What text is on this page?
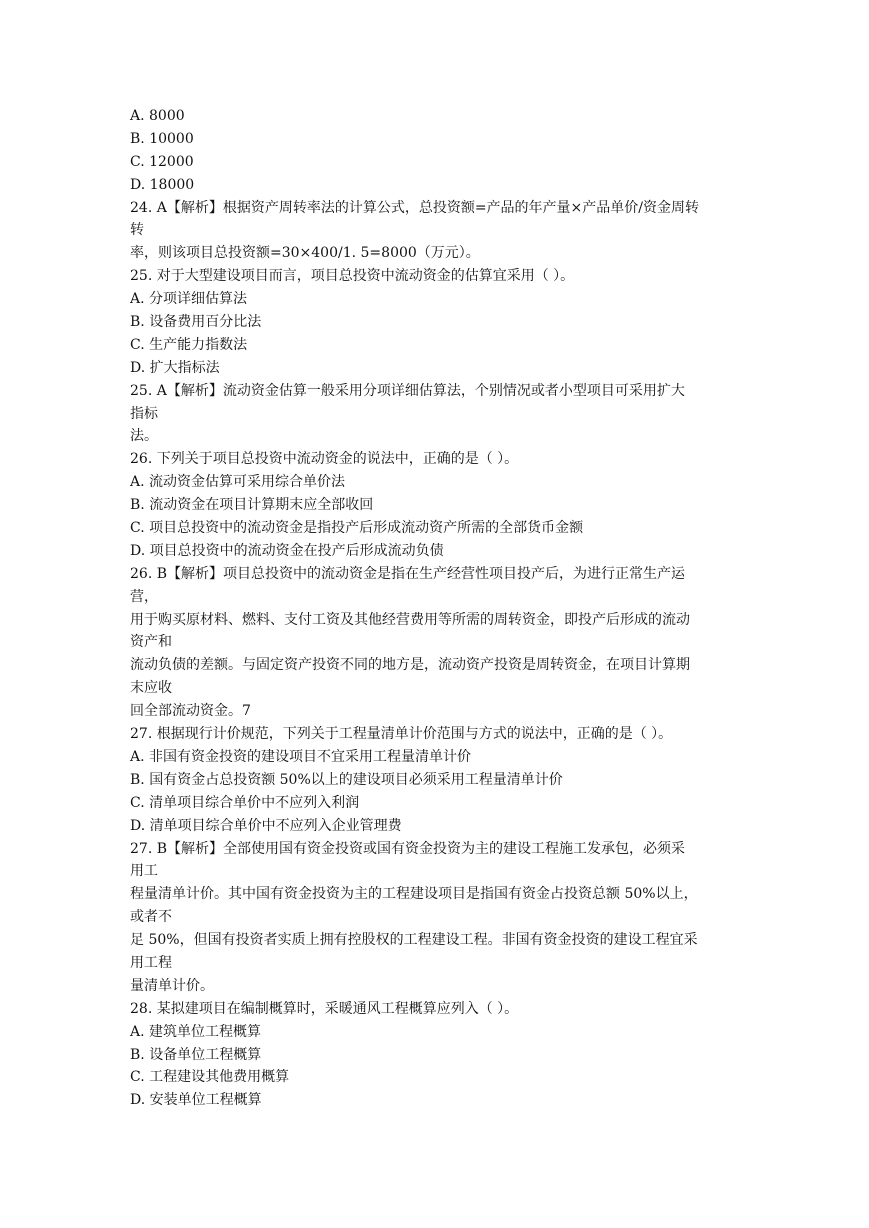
A. 8000
B. 10000
C. 12000
D. 18000
24. A【解析】根据资产周转率法的计算公式，总投资额=产品的年产量×产品单价/资金周转
转
率，则该项目总投资额=30×400/1. 5=8000（万元）。
25. 对于大型建设项目而言，项目总投资中流动资金的估算宜采用（ ）。
A. 分项详细估算法
B. 设备费用百分比法
C. 生产能力指数法
D. 扩大指标法
25. A【解析】流动资金估算一般采用分项详细估算法，个别情况或者小型项目可采用扩大
指标
法。
26. 下列关于项目总投资中流动资金的说法中，正确的是（ ）。
A. 流动资金估算可采用综合单价法
B. 流动资金在项目计算期末应全部收回
C. 项目总投资中的流动资金是指投产后形成流动资产所需的全部货币金额
D. 项目总投资中的流动资金在投产后形成流动负债
26. B【解析】项目总投资中的流动资金是指在生产经营性项目投产后，为进行正常生产运
营，
用于购买原材料、燃料、支付工资及其他经营费用等所需的周转资金，即投产后形成的流动
资产和
流动负债的差额。与固定资产投资不同的地方是，流动资产投资是周转资金，在项目计算期
末应收
回全部流动资金。7
27. 根据现行计价规范，下列关于工程量清单计价范围与方式的说法中，正确的是（ ）。
A. 非国有资金投资的建设项目不宜采用工程量清单计价
B. 国有资金占总投资额 50%以上的建设项目必须采用工程量清单计价
C. 清单项目综合单价中不应列入利润
D. 清单项目综合单价中不应列入企业管理费
27. B【解析】全部使用国有资金投资或国有资金投资为主的建设工程施工发承包，必须采
用工
程量清单计价。其中国有资金投资为主的工程建设项目是指国有资金占投资总额 50%以上，
或者不
足 50%，但国有投资者实质上拥有控股权的工程建设工程。非国有资金投资的建设工程宜采
用工程
量清单计价。
28. 某拟建项目在编制概算时，采暖通风工程概算应列入（ ）。
A. 建筑单位工程概算
B. 设备单位工程概算
C. 工程建设其他费用概算
D. 安装单位工程概算
